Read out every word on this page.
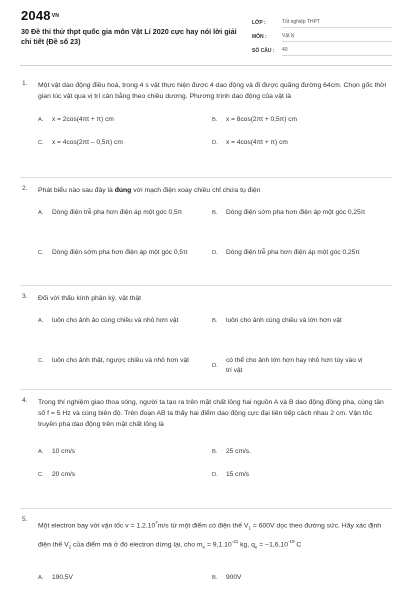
$2048^{VN}$
30 Đề thi thử thpt quốc gia môn Vật Lí 2020 cực hay nói lời giải chi tiết (Đề số 23)
LỚP :	Tốt nghiệp THPT
MÔN :	Vật lý
SỐ CÂU :	40
1. Một vật dao động điều hoà, trong 4 s vật thực hiện được 4 dao động và đi được quãng đường 64cm. Chọn gốc thời gian lúc vật qua vị trí cân bằng theo chiều dương. Phương trình dao động của vật là
A.	x = 2cos(4πt + π) cm	B.	x = 8cos(2πt + 0,5π) cm
C.	x = 4cos(2πt – 0,5π) cm	D.	x = 4cos(4πt + π) cm
2. Phát biểu nào sau đây là đúng với mạch điện xoay chiều chỉ chứa tụ điện
A.	Dòng điện trễ pha hơn điện áp một góc 0,5π	B.	Dòng điện sớm pha hơn điện áp một góc 0,25π
C.	Dòng điện sớm pha hơn điện áp một góc 0,5π	D.	Dòng điện trễ pha hơn điện áp một góc 0,25π
3. Đối với thấu kính phân kỳ, vật thật
A.	luôn cho ảnh ảo cùng chiều và nhỏ hơn vật	B.	luôn cho ảnh cùng chiều và lớn hơn vật
C.	luôn cho ảnh thật, ngược chiều và nhỏ hơn vật
D.
có thể cho ảnh lớn hơn hay nhỏ hơn tùy vào vị trí vật
4. Trong thí nghiệm giao thoa sóng, người ta tạo ra trên mặt chất lỏng hai nguồn A và B dao động đồng pha, cùng tần số f = 5 Hz và cùng biên độ. Trên đoạn AB ta thấy hai điểm dao động cực đại liên tiếp cách nhau 2 cm. Vận tốc truyền pha dao động trên mặt chất lỏng là
A.	10 cm/s	B.	25 cm/s.
C.	20 cm/s	D.	15 cm/s
5.
Một electron bay với vận tốc $v = 1,2.10^7m/s$ từ một điểm có điện thế $V_1 = 600V$ dọc theo đường sức. Hãy xác định điện thế $V_2$ của điểm mà ở đó electron dừng lại, cho $m_e = 9,1.10^{-31}$ kg, $q_e = -1,6.10^{-19}$ C
A.	190,5V	B.	900V
